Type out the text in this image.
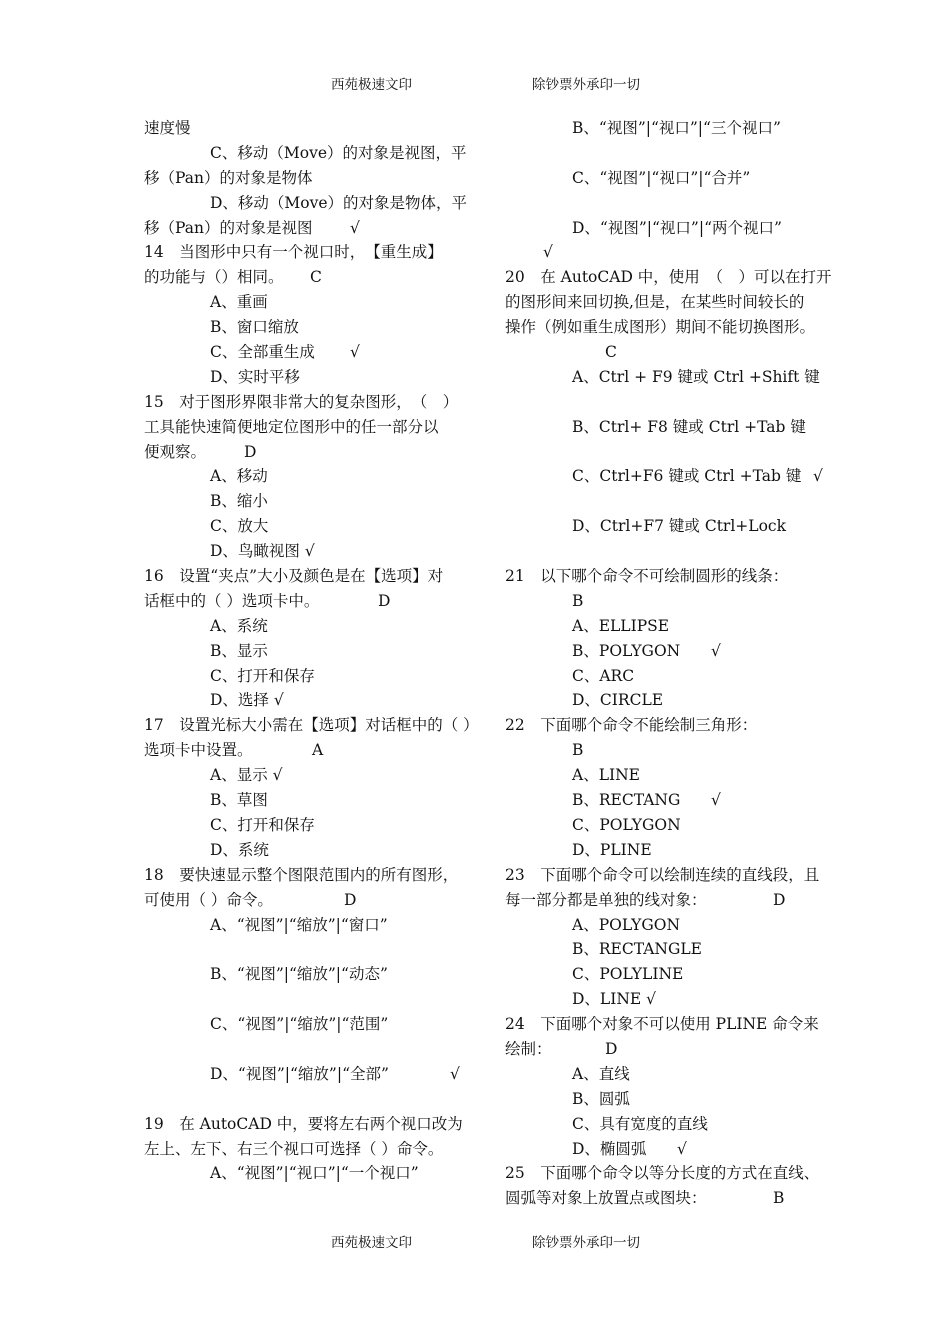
西苑极速文印	除钞票外承印一切
速度慢
C、移动（Move）的对象是视图，平
移（Pan）的对象是物体
D、移动（Move）的对象是物体，平
移（Pan）的对象是视图 √
14　当图形中只有一个视口时，　【重生成】
的功能与（）相同。 C
A、重画
B、窗口缩放
C、全部重生成 √
D、实时平移
15　对于图形界限非常大的复杂图形，　（　）
工具能快速简便地定位图形中的任一部分以
便观察。 D
A、移动
B、缩小
C、放大
D、鸟瞰视图 √
16　设置“夹点”大小及颜色是在【选项】对
话框中的（ ）选项卡中。	D
A、系统
B、显示
C、打开和保存
D、选择 √
17　设置光标大小需在【选项】对话框中的（ ）
选项卡中设置。	A
A、显示 √
B、草图
C、打开和保存
D、系统
18　要快速显示整个图限范围内的所有图形，
可使用（ ）命令。	D
A、“视图”|“缩放”|“窗口”
B、“视图”|“缩放”|“动态”
C、“视图”|“缩放”|“范围”
D、“视图”|“缩放”|“全部”	√
19　在 AutoCAD 中，要将左右两个视口改为
左上、左下、右三个视口可选择（ ）命令。
A、“视图”|“视口”|“一个视口”
B、“视图”|“视口”|“三个视口”
C、“视图”|“视口”|“合并”
D、“视图”|“视口”|“两个视口”
√
20　在 AutoCAD 中，使用　（　）可以在打开
的图形间来回切换,但是，在某些时间较长的
操作（例如重生成图形）期间不能切换图形。
C
A、Ctrl + F9 键或 Ctrl +Shift 键
B、Ctrl+ F8 键或 Ctrl +Tab 键
C、Ctrl+F6 键或 Ctrl +Tab 键 √
D、Ctrl+F7 键或 Ctrl+Lock
21　以下哪个命令不可绘制圆形的线条：
B
A、ELLIPSE
B、POLYGON √
C、ARC
D、CIRCLE
22　下面哪个命令不能绘制三角形：
B
A、LINE
B、RECTANG √
C、POLYGON
D、PLINE
23　下面哪个命令可以绘制连续的直线段，且
每一部分都是单独的线对象：	D
A、POLYGON
B、RECTANGLE
C、POLYLINE
D、LINE √
24　下面哪个对象不可以使用 PLINE 命令来
绘制：	D
A、直线
B、圆弧
C、具有宽度的直线
D、椭圆弧 √
25　下面哪个命令以等分长度的方式在直线、
圆弧等对象上放置点或图块：	B
西苑极速文印	除钞票外承印一切
